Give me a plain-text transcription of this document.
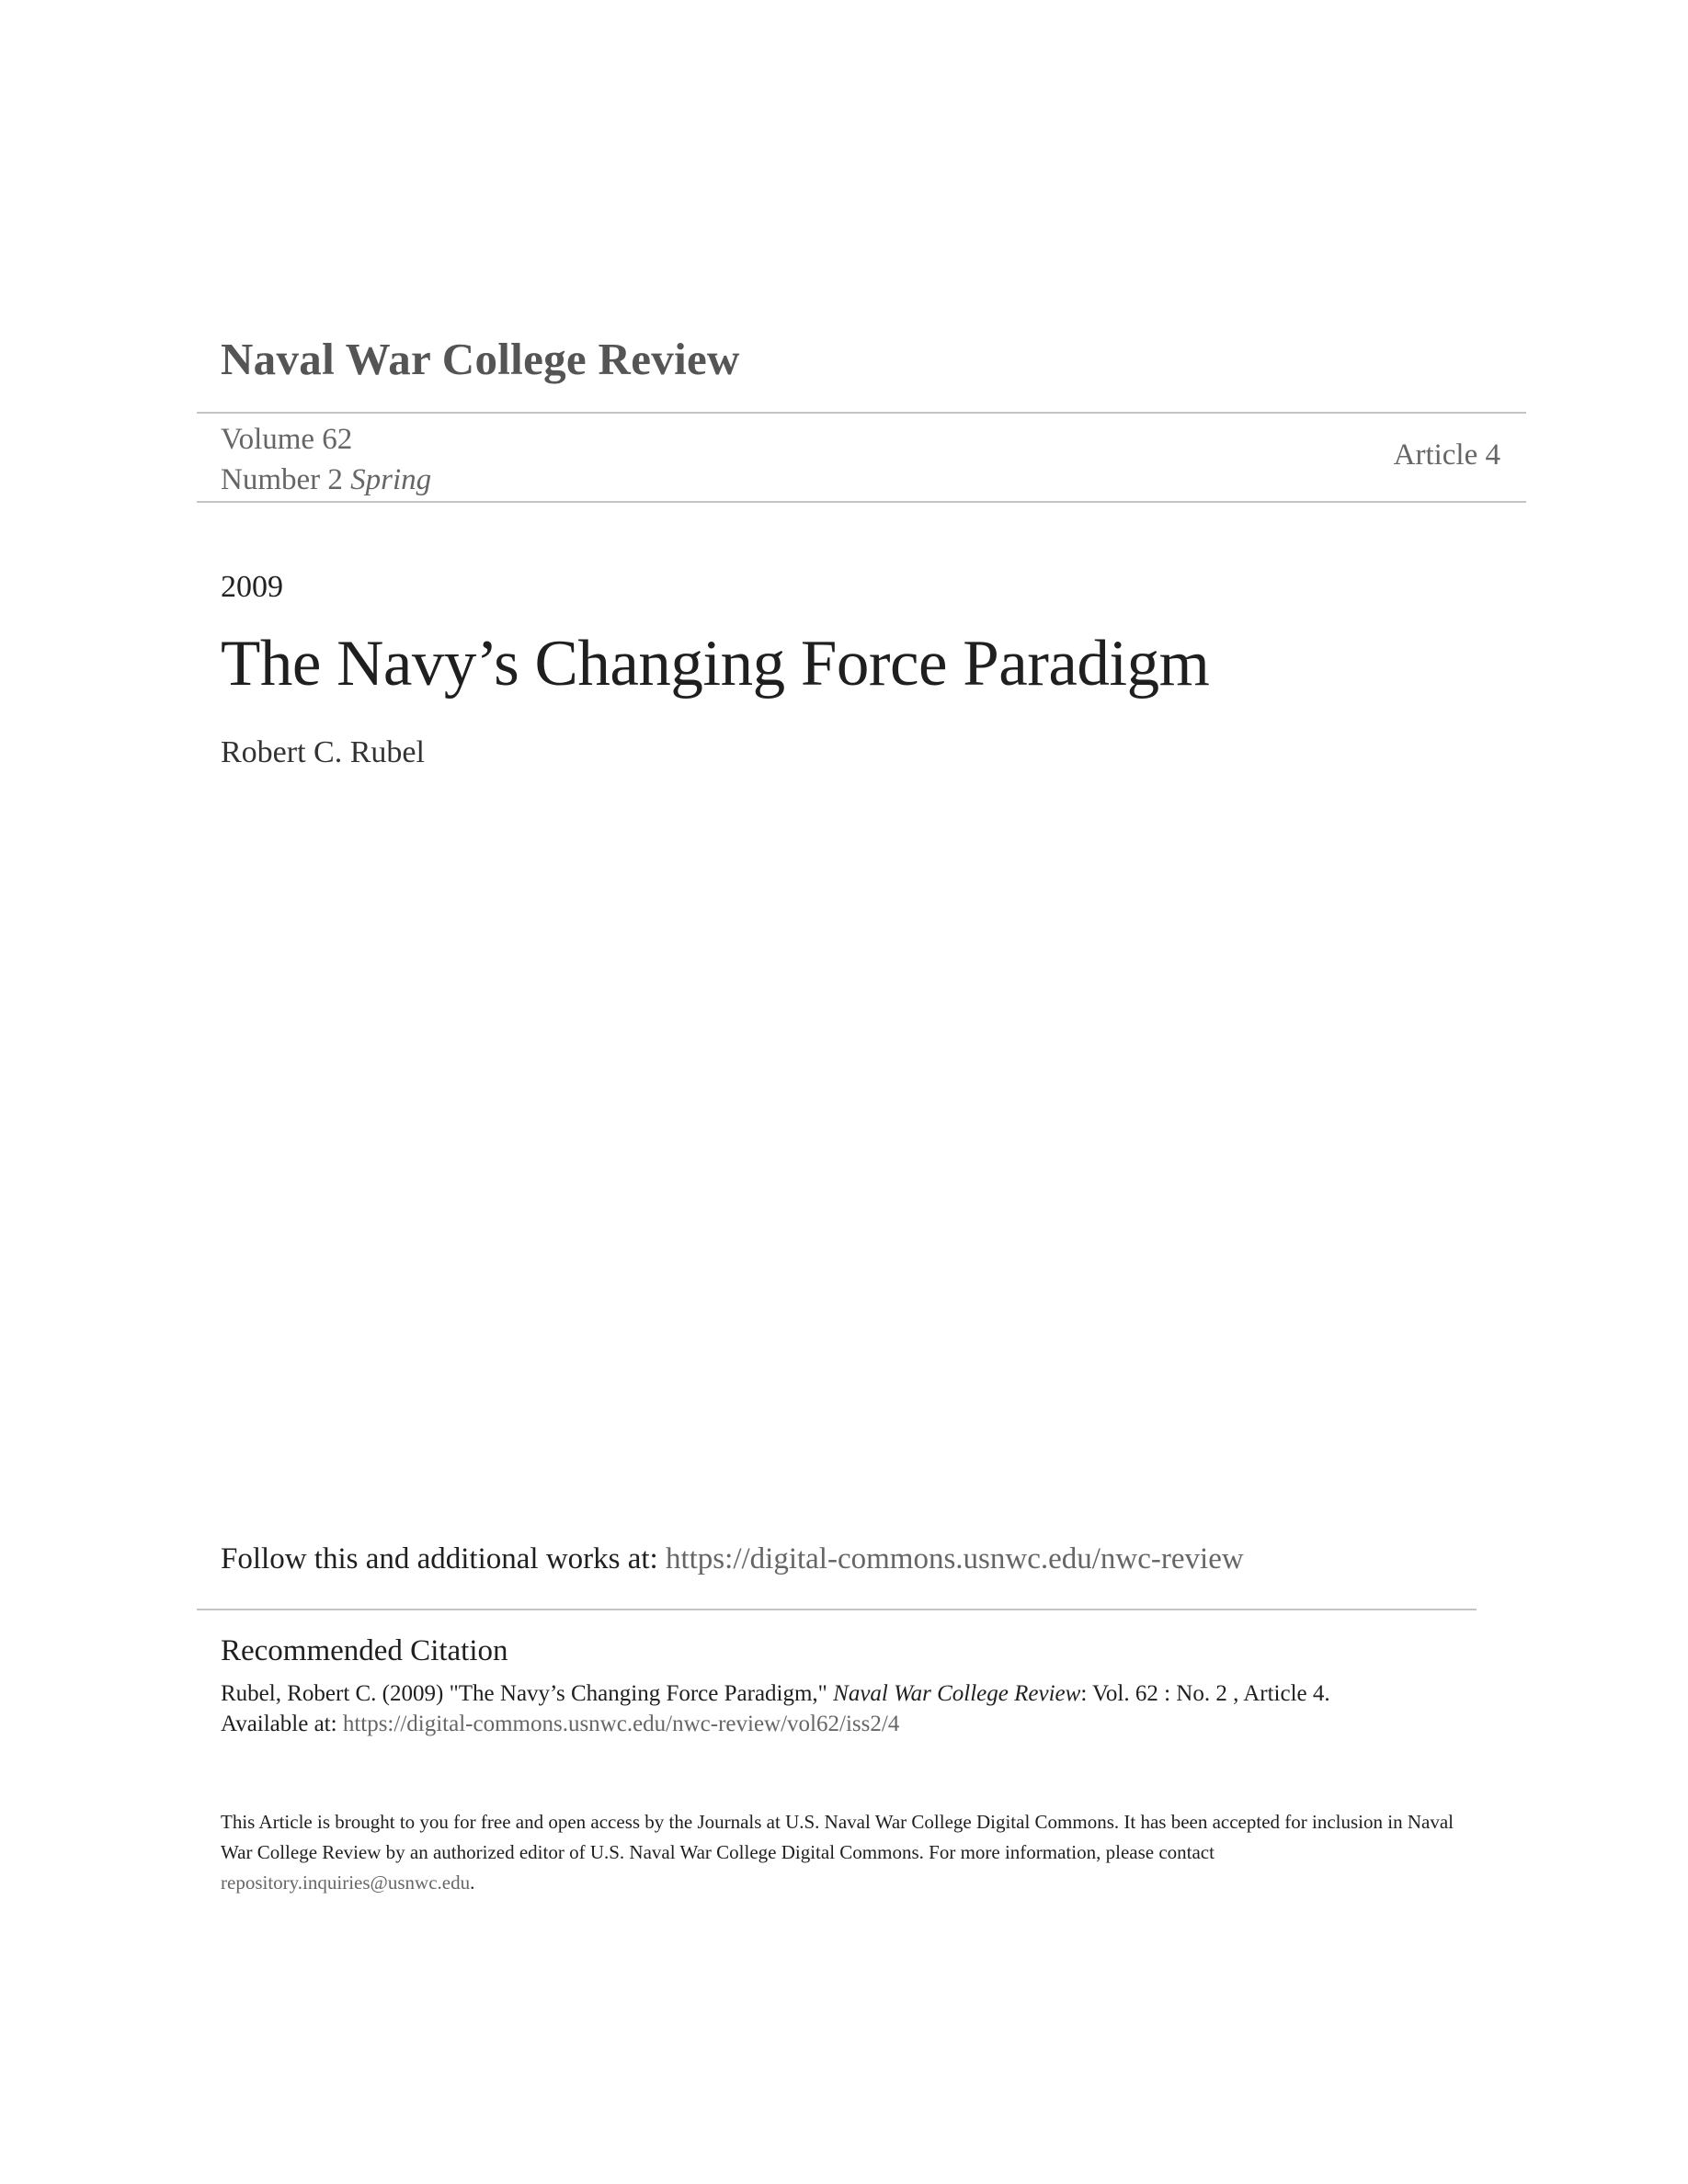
Naval War College Review
Volume 62
Number 2 Spring
Article 4
2009
The Navy’s Changing Force Paradigm
Robert C. Rubel
Follow this and additional works at: https://digital-commons.usnwc.edu/nwc-review
Recommended Citation
Rubel, Robert C. (2009) "The Navy’s Changing Force Paradigm," Naval War College Review: Vol. 62 : No. 2 , Article 4.
Available at: https://digital-commons.usnwc.edu/nwc-review/vol62/iss2/4
This Article is brought to you for free and open access by the Journals at U.S. Naval War College Digital Commons. It has been accepted for inclusion in Naval War College Review by an authorized editor of U.S. Naval War College Digital Commons. For more information, please contact
repository.inquiries@usnwc.edu.
